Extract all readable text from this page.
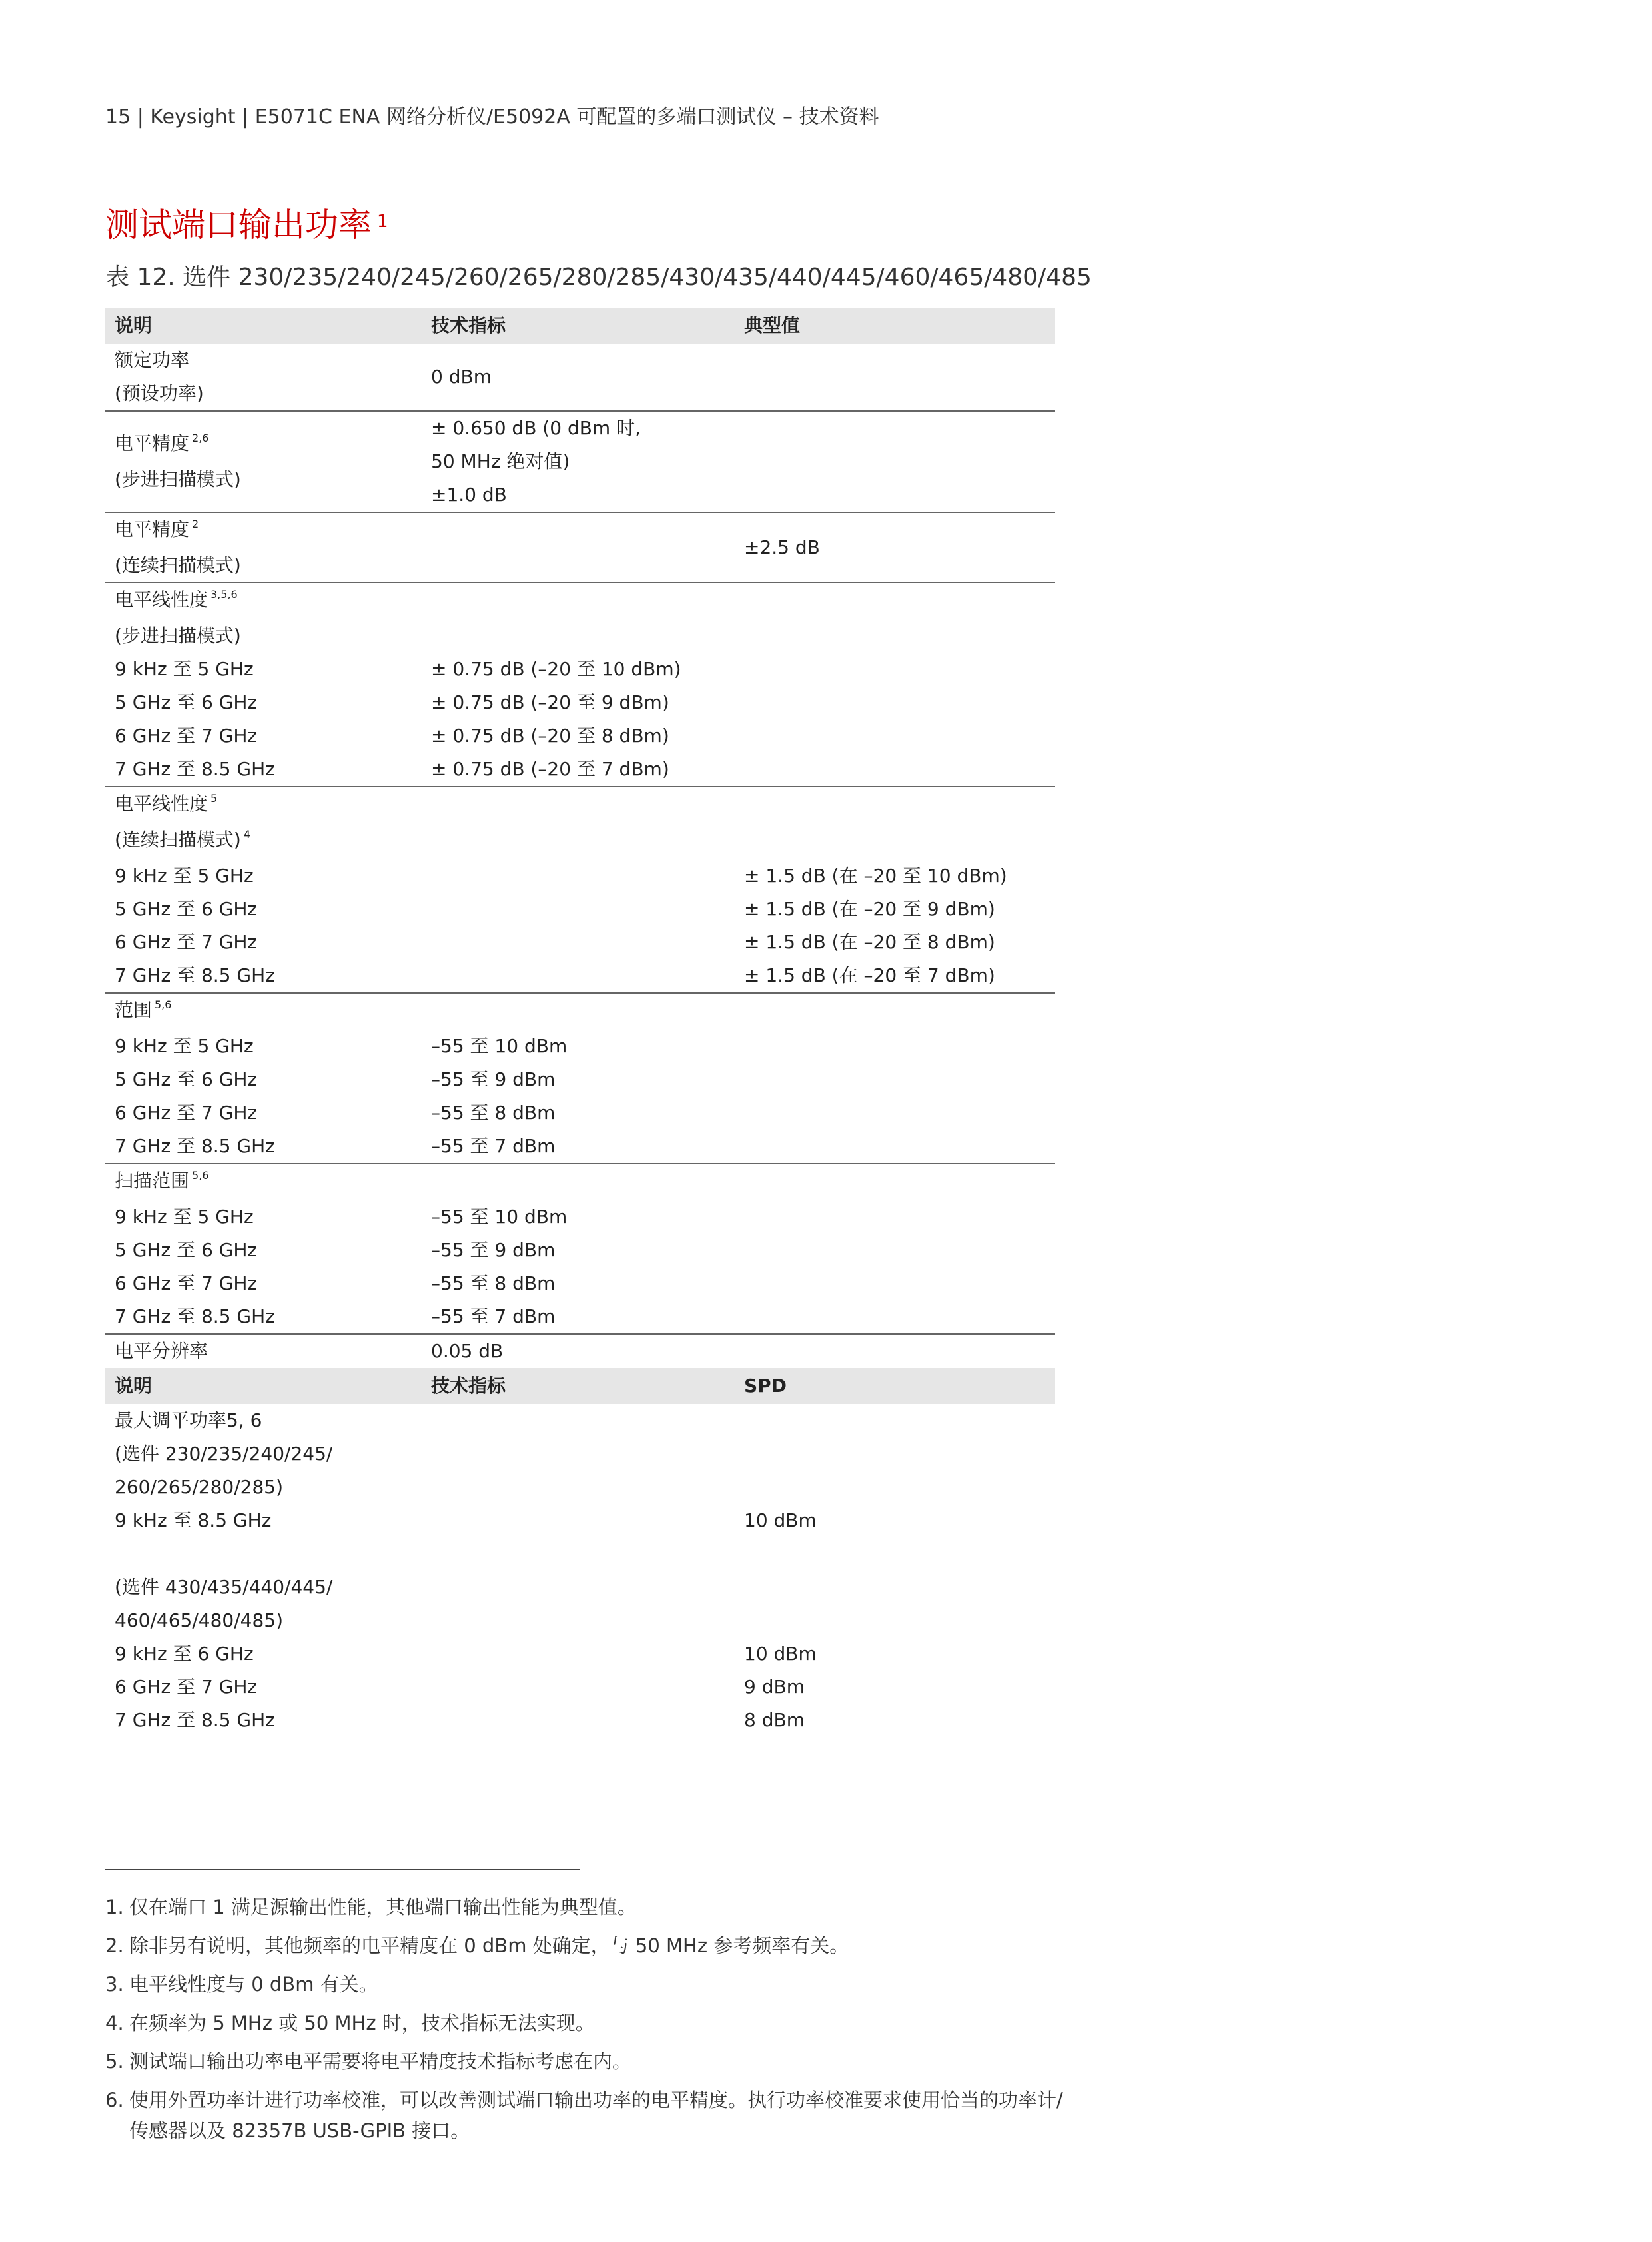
15 | Keysight | E5071C ENA 网络分析仪/E5092A 可配置的多端口测试仪 – 技术资料
测试端口输出功率 $^1$
表 12. 选件 230/235/240/245/260/265/280/285/430/435/440/445/460/465/480/485
说明	技术指标	典型值

额定功率
(预设功率)	0 dBm	

电平精度 $^{2,6}$
(步进扫描模式)	± 0.650 dB (0 dBm 时,
50 MHz 绝对值)
±1.0 dB	

电平精度 $^2$
(连续扫描模式)		±2.5 dB

电平线性度 $^{3,5,6}$
(步进扫描模式)		

9 kHz 至 5 GHz	± 0.75 dB (–20 至 10 dBm)	
5 GHz 至 6 GHz	± 0.75 dB (–20 至 9 dBm)	
6 GHz 至 7 GHz	± 0.75 dB (–20 至 8 dBm)	
7 GHz 至 8.5 GHz	± 0.75 dB (–20 至 7 dBm)	

电平线性度 $^5$
(连续扫描模式) $^4$

9 kHz 至 5 GHz		± 1.5 dB (在 –20 至 10 dBm)
5 GHz 至 6 GHz		± 1.5 dB (在 –20 至 9 dBm)
6 GHz 至 7 GHz		± 1.5 dB (在 –20 至 8 dBm)
7 GHz 至 8.5 GHz		± 1.5 dB (在 –20 至 7 dBm)
范围 $^{5,6}$		
9 kHz 至 5 GHz	–55 至 10 dBm	
5 GHz 至 6 GHz	–55 至 9 dBm	
6 GHz 至 7 GHz	–55 至 8 dBm	
7 GHz 至 8.5 GHz	–55 至 7 dBm	
扫描范围 $^{5,6}$		
9 kHz 至 5 GHz	–55 至 10 dBm	
5 GHz 至 6 GHz	–55 至 9 dBm	
6 GHz 至 7 GHz	–55 至 8 dBm	
7 GHz 至 8.5 GHz	–55 至 7 dBm	
电平分辨率	0.05 dB	
说明	技术指标	SPD

最大调平功率5, 6
(选件 230/235/240/245/
260/265/280/285)		

9 kHz 至 8.5 GHz		10 dBm

(选件 430/435/440/445/
460/465/480/485)		

9 kHz 至 6 GHz		10 dBm
6 GHz 至 7 GHz		9 dBm
7 GHz 至 8.5 GHz		8 dBm
1. 仅在端口 1 满足源输出性能，其他端口输出性能为典型值。
2. 除非另有说明，其他频率的电平精度在 0 dBm 处确定，与 50 MHz 参考频率有关。
3. 电平线性度与 0 dBm 有关。
4. 在频率为 5 MHz 或 50 MHz 时，技术指标无法实现。
5. 测试端口输出功率电平需要将电平精度技术指标考虑在内。
6. 使用外置功率计进行功率校准，可以改善测试端口输出功率的电平精度。执行功率校准要求使用恰当的功率计/传感器以及 82357B USB-GPIB 接口。
